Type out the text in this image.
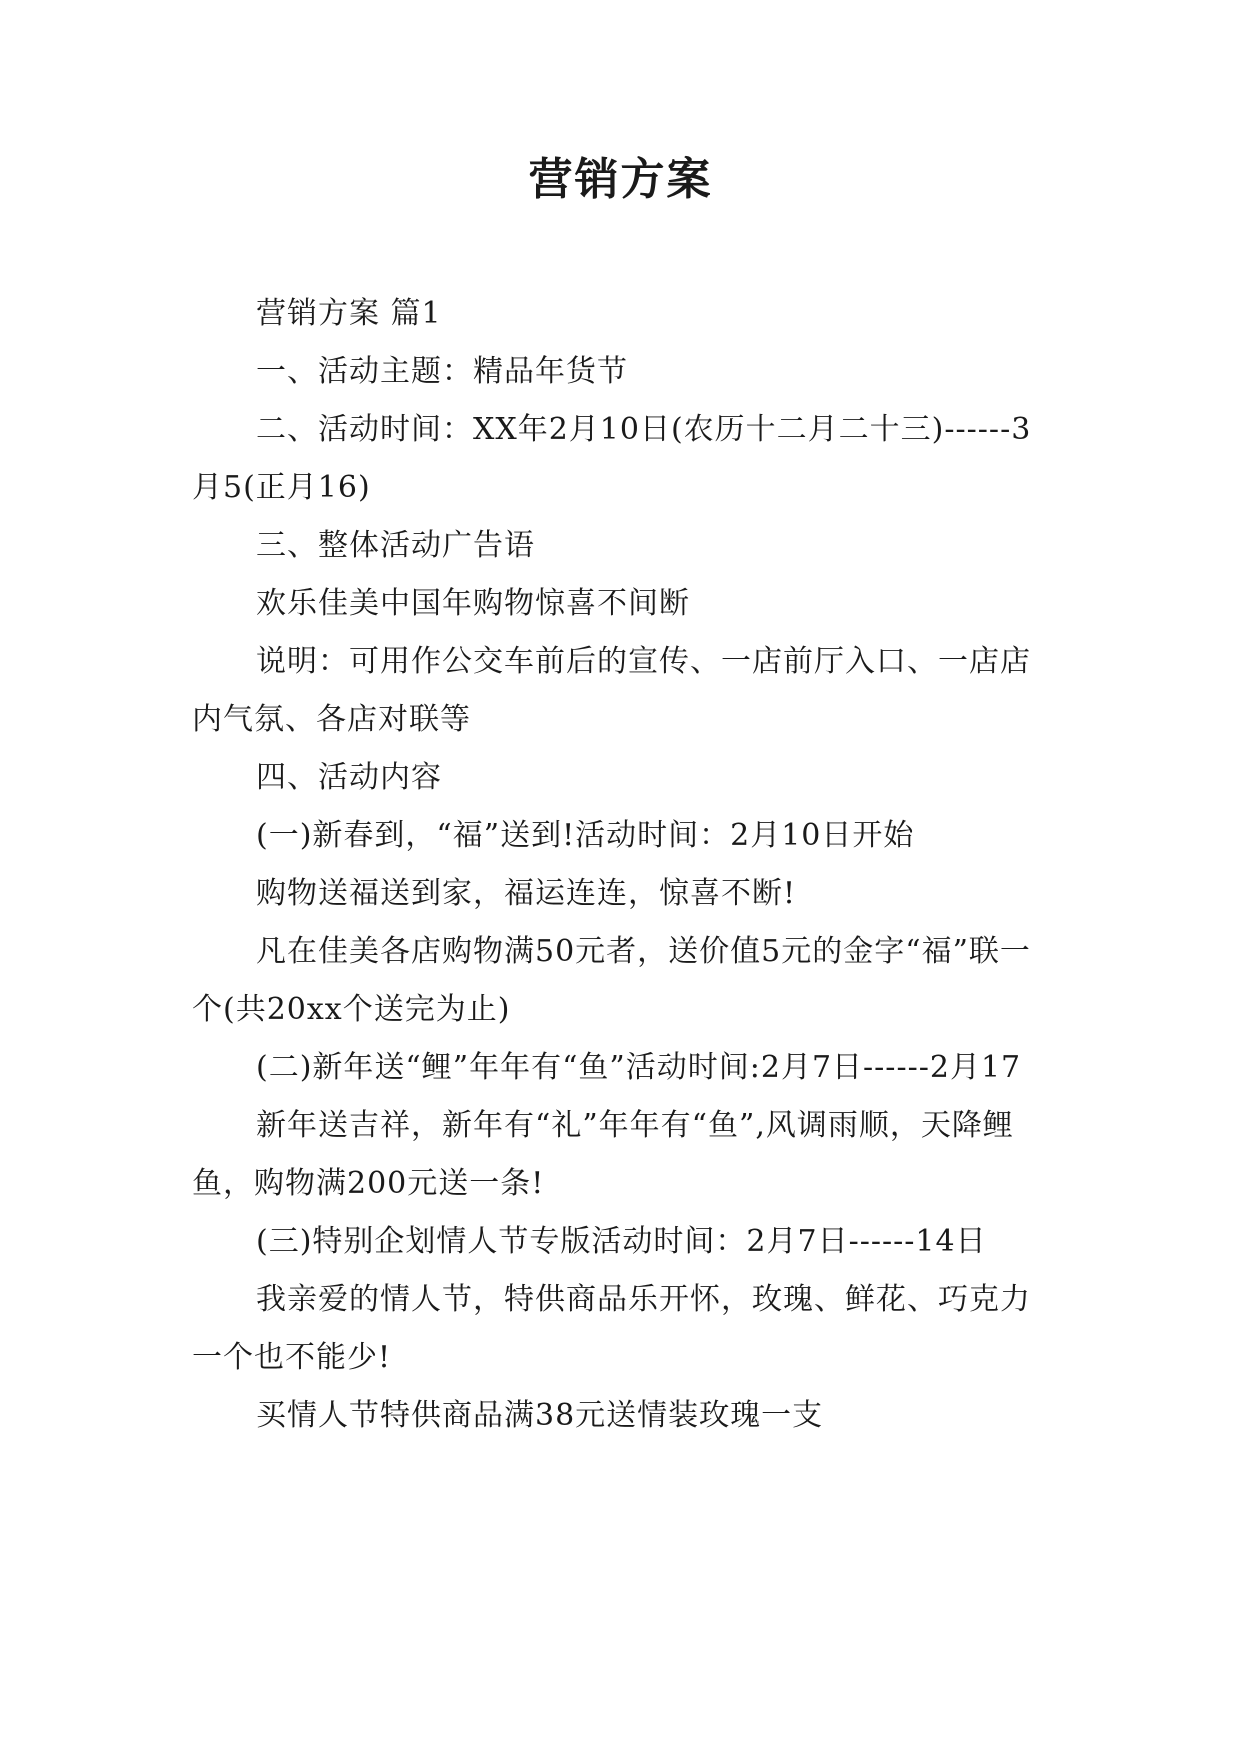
营销方案

营销方案 篇1

一、活动主题：精品年货节

二、活动时间：XX年2月10日(农历十二月二十三)------3月5(正月16)

三、整体活动广告语

欢乐佳美中国年购物惊喜不间断

说明：可用作公交车前后的宣传、一店前厅入口、一店店内气氛、各店对联等

四、活动内容

(一)新春到，“福”送到!活动时间：2月10日开始

购物送福送到家，福运连连，惊喜不断!

凡在佳美各店购物满50元者，送价值5元的金字“福”联一个(共20xx个送完为止)

(二)新年送“鲤”年年有“鱼”活动时间:2月7日------2月17

新年送吉祥，新年有“礼”年年有“鱼”,风调雨顺，天降鲤鱼，购物满200元送一条!

(三)特别企划情人节专版活动时间：2月7日------14日

我亲爱的情人节，特供商品乐开怀，玫瑰、鲜花、巧克力一个也不能少!

买情人节特供商品满38元送情装玫瑰一支
